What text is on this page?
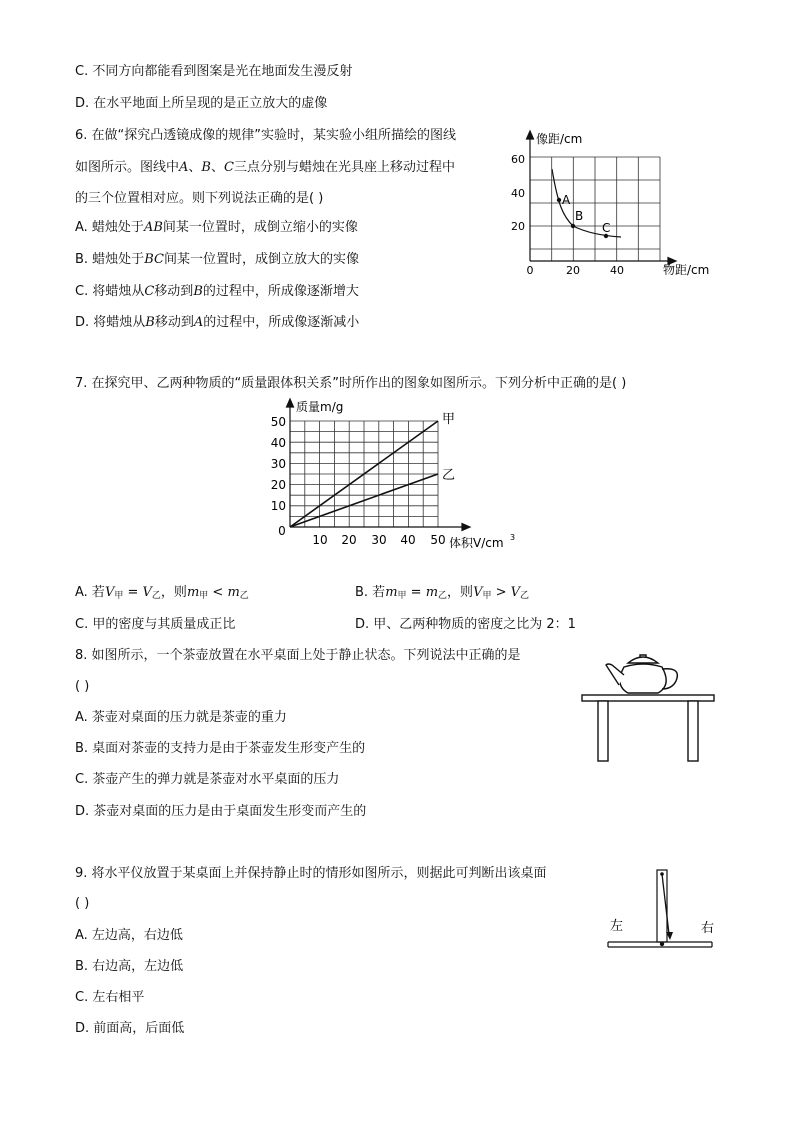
C. 不同方向都能看到图案是光在地面发生漫反射
D. 在水平地面上所呈现的是正立放大的虚像
6. 在做“探究凸透镜成像的规律”实验时，某实验小组所描绘的图线
如图所示。图线中A、B、C三点分别与蜡烛在光具座上移动过程中
的三个位置相对应。则下列说法正确的是( )
A. 蜡烛处于AB间某一位置时，成倒立缩小的实像
B. 蜡烛处于BC间某一位置时，成倒立放大的实像
C. 将蜡烛从C移动到B的过程中，所成像逐渐增大
D. 将蜡烛从B移动到A的过程中，所成像逐渐减小
A
B
C
像距/cm
物距/cm
20
40
60
0	20	40
7. 在探究甲、乙两种物质的“质量跟体积关系”时所作出的图象如图所示。下列分析中正确的是( )
质量m/g
体积V/cm 3
0
10
20
30
40
50
10 20 30 40 50
甲
乙
A. 若$V_甲 = V_乙$，则$m_甲 < m_乙$	B. 若$m_甲 = m_乙$，则$V_甲 > V_乙$
C. 甲的密度与其质量成正比	D. 甲、乙两种物质的密度之比为 2：1
8. 如图所示，一个茶壶放置在水平桌面上处于静止状态。下列说法中正确的是
( )
A. 茶壶对桌面的压力就是茶壶的重力
B. 桌面对茶壶的支持力是由于茶壶发生形变产生的
C. 茶壶产生的弹力就是茶壶对水平桌面的压力
D. 茶壶对桌面的压力是由于桌面发生形变而产生的
9. 将水平仪放置于某桌面上并保持静止时的情形如图所示，则据此可判断出该桌面
( )
A. 左边高，右边低
B. 右边高，左边低
C. 左右相平
D. 前面高，后面低
左	右
